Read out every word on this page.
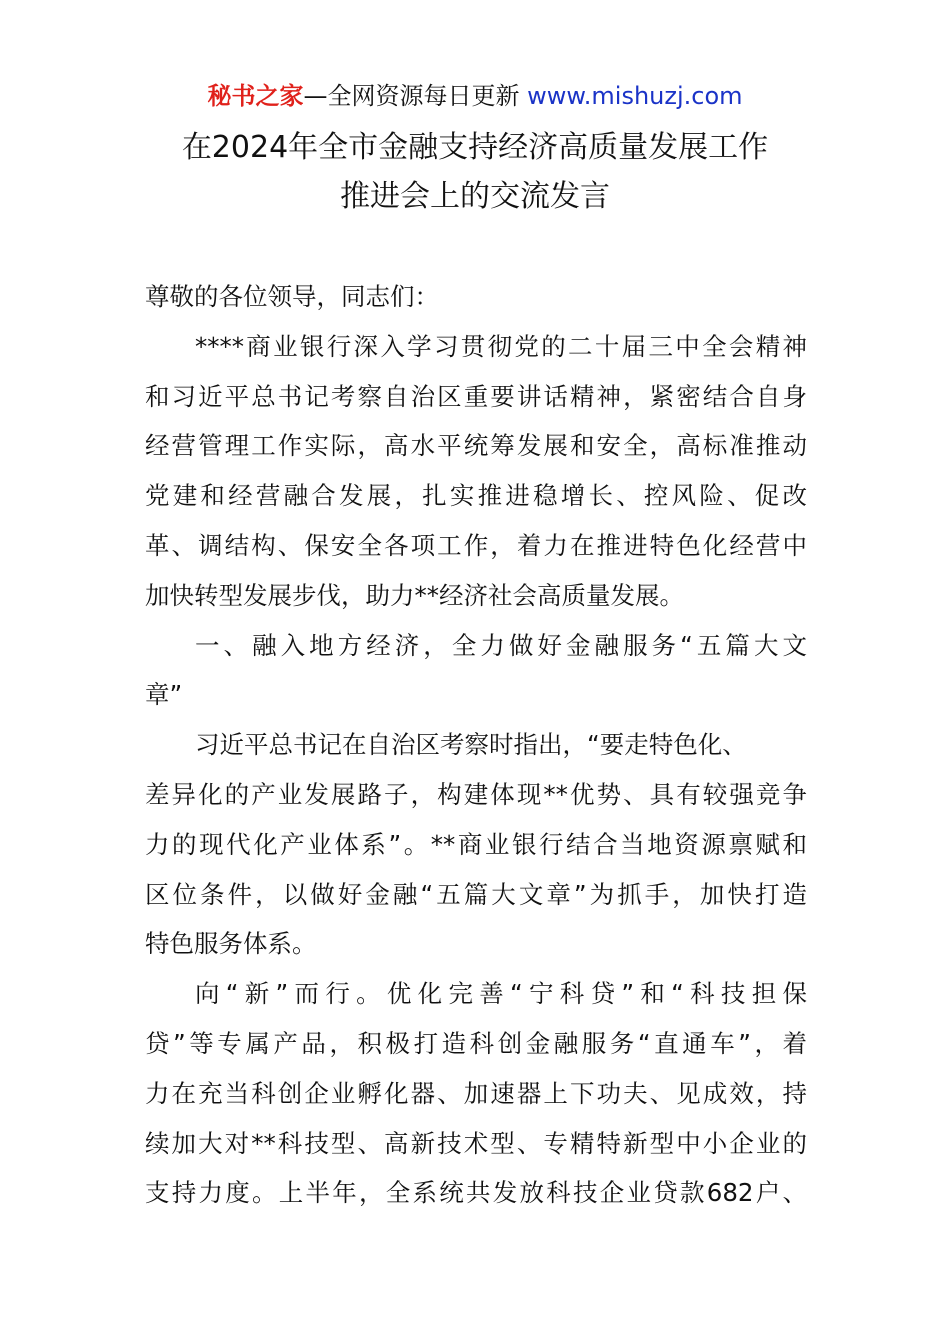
秘书之家—全网资源每日更新 www.mishuzj.com
在2024年全市金融支持经济高质量发展工作
推进会上的交流发言
尊敬的各位领导，同志们：
****商业银行深入学习贯彻党的二十届三中全会精神
和习近平总书记考察自治区重要讲话精神，紧密结合自身
经营管理工作实际，高水平统筹发展和安全，高标准推动
党建和经营融合发展，扎实推进稳增长、控风险、促改
革、调结构、保安全各项工作，着力在推进特色化经营中
加快转型发展步伐，助力**经济社会高质量发展。
一、融入地方经济，全力做好金融服务“五篇大文
章”
习近平总书记在自治区考察时指出，“要走特色化、
差异化的产业发展路子，构建体现**优势、具有较强竞争
力的现代化产业体系”。**商业银行结合当地资源禀赋和
区位条件，以做好金融“五篇大文章”为抓手，加快打造
特色服务体系。
向“新”而行。优化完善“宁科贷”和“科技担保
贷”等专属产品，积极打造科创金融服务“直通车”，着
力在充当科创企业孵化器、加速器上下功夫、见成效，持
续加大对**科技型、高新技术型、专精特新型中小企业的
支持力度。上半年，全系统共发放科技企业贷款682户、
